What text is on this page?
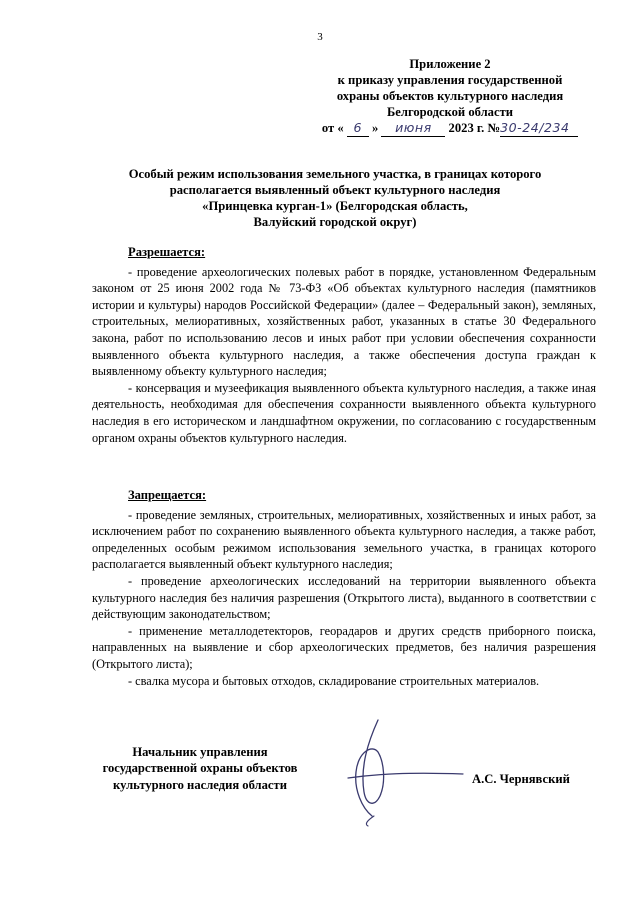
3
Приложение 2
к приказу управления государственной
охраны объектов культурного наследия
Белгородской области
от « 6 » июня 2023 г. №30-24/234
Особый режим использования земельного участка, в границах которого
располагается выявленный объект культурного наследия
«Принцевка курган-1» (Белгородская область,
Валуйский городской округ)
Разрешается:

- проведение археологических полевых работ в порядке, установленном Федеральным законом от 25 июня 2002 года № 73-ФЗ «Об объектах культурного наследия (памятников истории и культуры) народов Российской Федерации» (далее – Федеральный закон), земляных, строительных, мелиоративных, хозяйственных работ, указанных в статье 30 Федерального закона, работ по использованию лесов и иных работ при условии обеспечения сохранности выявленного объекта культурного наследия, а также обеспечения доступа граждан к выявленному объекту культурного наследия;

- консервация и музеефикация выявленного объекта культурного наследия, а также иная деятельность, необходимая для обеспечения сохранности выявленного объекта культурного наследия в его историческом и ландшафтном окружении, по согласованию с государственным органом охраны объектов культурного наследия.

Запрещается:

- проведение земляных, строительных, мелиоративных, хозяйственных и иных работ, за исключением работ по сохранению выявленного объекта культурного наследия, а также работ, определенных особым режимом использования земельного участка, в границах которого располагается выявленный объект культурного наследия;

- проведение археологических исследований на территории выявленного объекта культурного наследия без наличия разрешения (Открытого листа), выданного в соответствии с действующим законодательством;

- применение металлодетекторов, георадаров и других средств приборного поиска, направленных на выявление и сбор археологических предметов, без наличия разрешения (Открытого листа);

- свалка мусора и бытовых отходов, складирование строительных материалов.

Начальник управления
государственной охраны объектов
культурного наследия области	А.С. Чернявский
